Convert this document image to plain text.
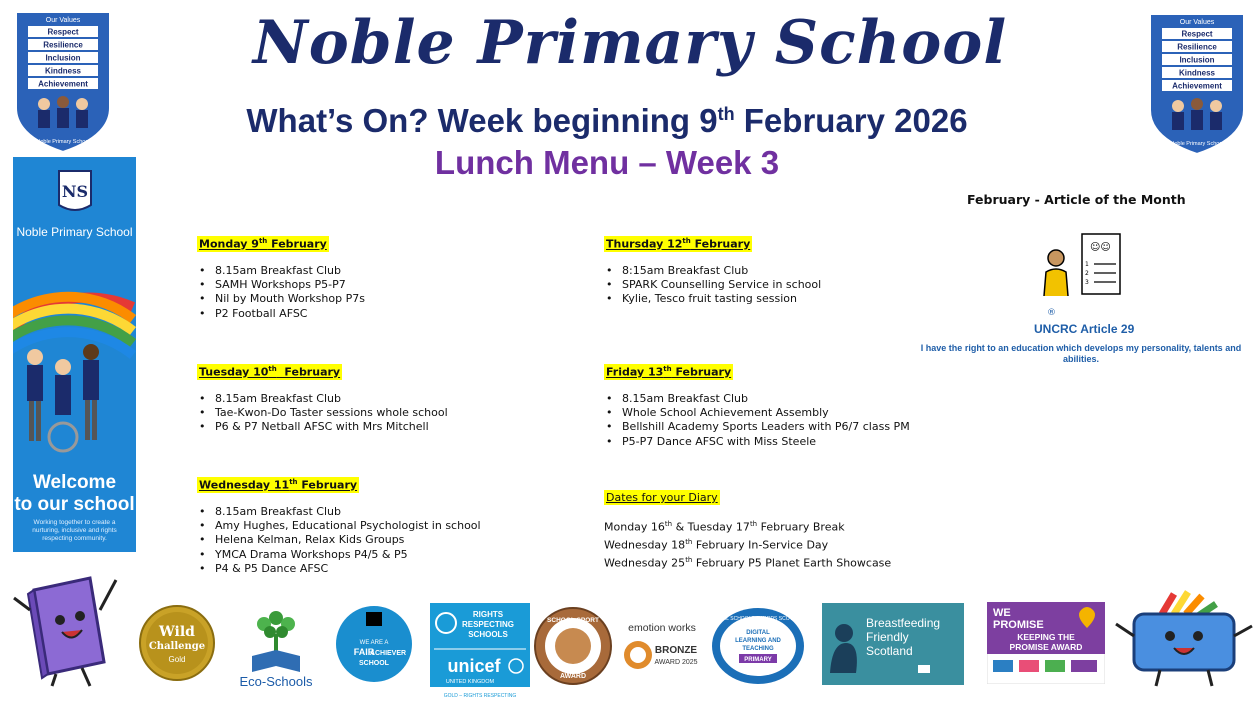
Noble Primary School
What’s On? Week beginning 9th February 2026
Lunch Menu – Week 3
Our Values
Respect
Resilience
Inclusion
Kindness
Achievement
Noble Primary School
Our Values
Respect
Resilience
Inclusion
Kindness
Achievement
Noble Primary School
NS
Noble Primary School
Welcome
to our school
Working together to create a nurturing, inclusive and rights respecting community.
Monday 9th February
• 8.15am Breakfast Club
• SAMH Workshops P5-P7
• Nil by Mouth Workshop P7s
• P2 Football AFSC
Tuesday 10th  February
• 8.15am Breakfast Club
• Tae-Kwon-Do Taster sessions whole school
• P6 & P7 Netball AFSC with Mrs Mitchell
Wednesday 11th February
• 8.15am Breakfast Club
• Amy Hughes, Educational Psychologist in school
• Helena Kelman, Relax Kids Groups
• YMCA Drama Workshops P4/5 & P5
• P4 & P5 Dance AFSC
Thursday 12th February
• 8:15am Breakfast Club
• SPARK Counselling Service in school
• Kylie, Tesco fruit tasting session
Friday 13th February
• 8.15am Breakfast Club
• Whole School Achievement Assembly
• Bellshill Academy Sports Leaders with P6/7 class PM
• P5-P7 Dance AFSC with Miss Steele
Dates for your Diary
Monday 16th & Tuesday 17th February Break
Wednesday 18th February In-Service Day
Wednesday 25th February P5 Planet Earth Showcase
February - Article of the Month
☺☺
1
2
3
®
UNCRC Article 29
I have the right to an education which develops my personality, talents and abilities.
Wild
Challenge
Gold
Eco-Schools
WE ARE A
FAIR
ACHIEVER
SCHOOL
RIGHTS
RESPECTING
SCHOOLS
unicef
UNITED KINGDOM
GOLD – RIGHTS RESPECTING
SCHOOL SPORT
AWARD
emotion works
BRONZE
AWARD 2025
DIGITAL SCHOOLS AWARDS SCOTLAND
DIGITAL
LEARNING AND
TEACHING
PRIMARY
Breastfeeding
Friendly
Scotland
WE
PROMISE
KEEPING THE
PROMISE AWARD
